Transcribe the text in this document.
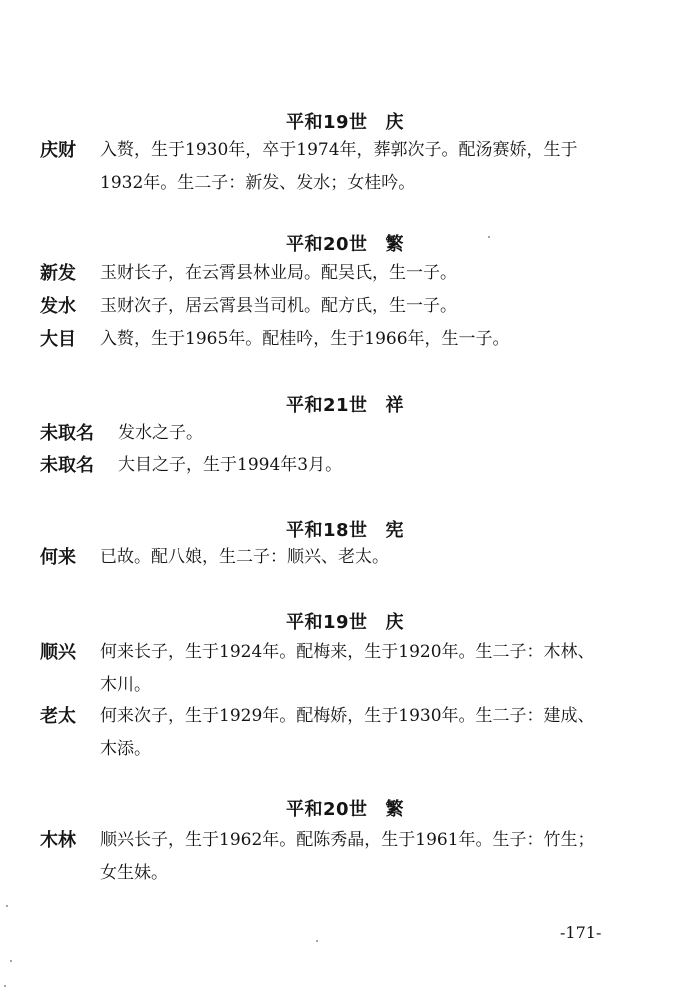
平和19世 庆
庆财	入赘，生于1930年，卒于1974年，葬郭次子。配汤赛娇，生于
1932年。生二子：新发、发水；女桂吟。
平和20世 繁
新发	玉财长子，在云霄县林业局。配吴氏，生一子。
发水	玉财次子，居云霄县当司机。配方氏，生一子。
大目	入赘，生于1965年。配桂吟，生于1966年，生一子。
平和21世 祥
未取名	发水之子。
未取名	大目之子，生于1994年3月。
平和18世 宪
何来	已故。配八娘，生二子：顺兴、老太。
平和19世 庆
顺兴	何来长子，生于1924年。配梅来，生于1920年。生二子：木林、
木川。
老太	何来次子，生于1929年。配梅娇，生于1930年。生二子：建成、
木添。
平和20世 繁
木林	顺兴长子，生于1962年。配陈秀晶，生于1961年。生子：竹生；
女生妹。
-171-
